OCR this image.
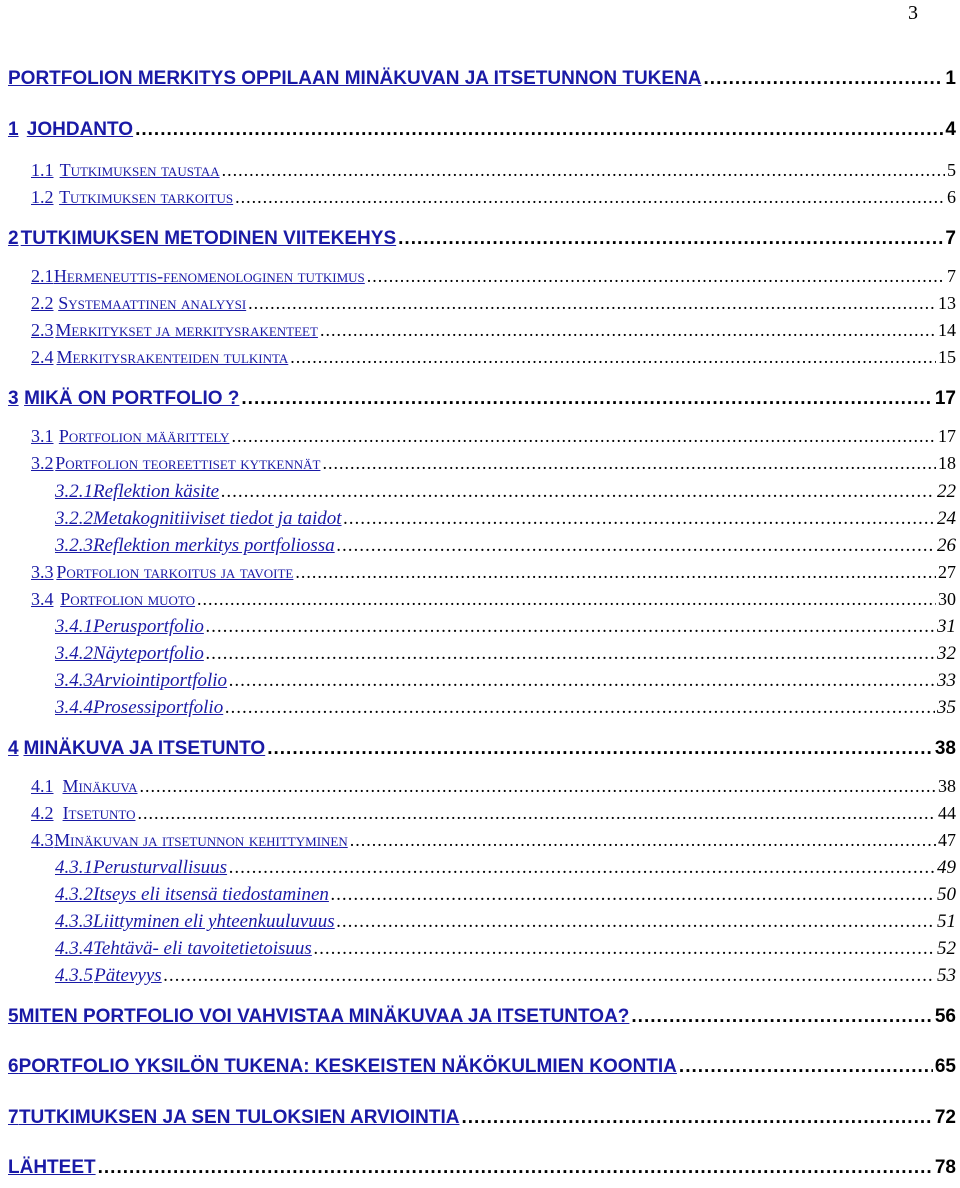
3
PORTFOLION MERKITYS OPPILAAN MINÄKUVAN JA ITSETUNNON TUKENA .....	1
1 JOHDANTO .....	4
1.1 Tutkimuksen taustaa .....	5
1.2 Tutkimuksen tarkoitus .....	6
2 TUTKIMUKSEN METODINEN VIITEKEHYS .....	7
2.1 Hermeneuttis-fenomenologinen tutkimus .....	7
2.2 Systemaattinen analyysi .....	13
2.3 Merkitykset ja merkitysrakenteet .....	14
2.4 Merkitysrakenteiden tulkinta .....	15
3 MIKÄ ON PORTFOLIO ? .....	17
3.1 Portfolion määrittely .....	17
3.2 Portfolion teoreettiset kytkennät .....	18
3.2.1 Reflektion käsite .....	22
3.2.2 Metakognitiiviset tiedot ja taidot .....	24
3.2.3 Reflektion merkitys portfoliossa .....	26
3.3 Portfolion tarkoitus ja tavoite .....	27
3.4 Portfolion muoto .....	30
3.4.1 Perusportfolio .....	31
3.4.2 Näyteportfolio .....	32
3.4.3 Arviointiportfolio .....	33
3.4.4 Prosessiportfolio .....	35
4 MINÄKUVA JA ITSETUNTO .....	38
4.1 Minäkuva .....	38
4.2 Itsetunto .....	44
4.3 Minäkuvan ja itsetunnon kehittyminen .....	47
4.3.1 Perusturvallisuus .....	49
4.3.2 Itseys eli itsensä tiedostaminen .....	50
4.3.3 Liittyminen eli yhteenkuuluvuus .....	51
4.3.4 Tehtävä- eli tavoitetietoisuus .....	52
4.3.5 Pätevyys .....	53
5 MITEN PORTFOLIO VOI VAHVISTAA MINÄKUVAA JA ITSETUNTOA? .....	56
6 PORTFOLIO YKSILÖN TUKENA: KESKEISTEN NÄKÖKULMIEN KOONTIA .....	65
7 TUTKIMUKSEN JA SEN TULOKSIEN ARVIOINTIA .....	72
LÄHTEET .....	78
